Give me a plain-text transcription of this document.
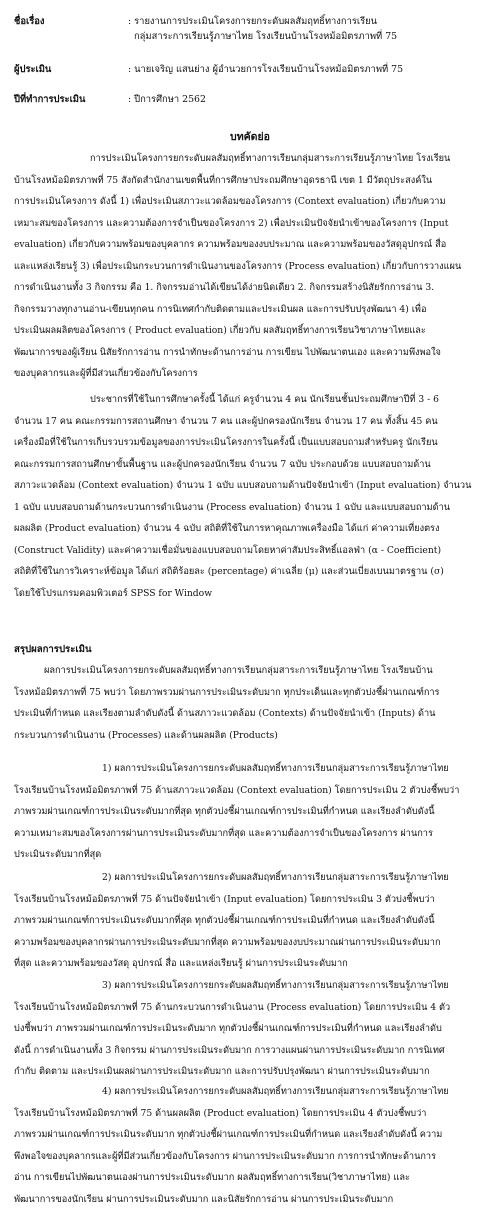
ชื่อเรื่อง	: รายงานการประเมินโครงการยกระดับผลสัมฤทธิ์ทางการเรียน
กลุ่มสาระการเรียนรู้ภาษาไทย โรงเรียนบ้านโรงหม้อมิตรภาพที่ 75
ผู้ประเมิน	: นายเจริญ แสนย่าง ผู้อำนวยการโรงเรียนบ้านโรงหม้อมิตรภาพที่ 75
ปีที่ทำการประเมิน	: ปีการศึกษา 2562
บทคัดย่อ
การประเมินโครงการยกระดับผลสัมฤทธิ์ทางการเรียนกลุ่มสาระการเรียนรู้ภาษาไทย โรงเรียน
บ้านโรงหม้อมิตรภาพที่ 75 สังกัดสำนักงานเขตพื้นที่การศึกษาประถมศึกษาอุดรธานี เขต 1 มีวัตถุประสงค์ใน
การประเมินโครงการ ดังนี้ 1) เพื่อประเมินสภาวะแวดล้อมของโครงการ (Context evaluation) เกี่ยวกับความ
เหมาะสมของโครงการ และความต้องการจำเป็นของโครงการ 2) เพื่อประเมินปัจจัยนำเข้าของโครงการ (Input
evaluation) เกี่ยวกับความพร้อมของบุคลากร ความพร้อมของงบประมาณ และความพร้อมของวัสดุอุปกรณ์ สื่อ
และแหล่งเรียนรู้ 3) เพื่อประเมินกระบวนการดำเนินงานของโครงการ (Process evaluation) เกี่ยวกับการวางแผน
การดำเนินงานทั้ง 3 กิจกรรม คือ 1. กิจกรรมอ่านได้เขียนได้ง่ายนิดเดียว 2. กิจกรรมสร้างนิสัยรักการอ่าน 3.
กิจกรรมวางทุกงานอ่าน-เขียนทุกคน การนิเทศกำกับติดตามและประเมินผล และการปรับปรุงพัฒนา 4) เพื่อ
ประเมินผลผลิตของโครงการ ( Product evaluation) เกี่ยวกับ ผลสัมฤทธิ์ทางการเรียนวิชาภาษาไทยและ
พัฒนาการของผู้เรียน นิสัยรักการอ่าน การนำทักษะด้านการอ่าน การเขียน ไปพัฒนาตนเอง และความพึงพอใจ
ของบุคลากรและผู้ที่มีส่วนเกี่ยวข้องกับโครงการ
ประชากรที่ใช้ในการศึกษาครั้งนี้ ได้แก่ ครูจำนวน 4 คน นักเรียนชั้นประถมศึกษาปีที่ 3 - 6
จำนวน 17 คน คณะกรรมการสถานศึกษา จำนวน 7 คน และผู้ปกครองนักเรียน จำนวน 17 คน ทั้งสิ้น 45 คน
เครื่องมือที่ใช้ในการเก็บรวบรวมข้อมูลของการประเมินโครงการในครั้งนี้ เป็นแบบสอบถามสำหรับครู นักเรียน
คณะกรรมการสถานศึกษาขั้นพื้นฐาน และผู้ปกครองนักเรียน จำนวน 7 ฉบับ ประกอบด้วย แบบสอบถามด้าน
สภาวะแวดล้อม (Context evaluation) จำนวน 1 ฉบับ แบบสอบถามด้านปัจจัยนำเข้า (Input evaluation) จำนวน
1 ฉบับ แบบสอบถามด้านกระบวนการดำเนินงาน (Process evaluation) จำนวน 1 ฉบับ และแบบสอบถามด้าน
ผลผลิต (Product evaluation) จำนวน 4 ฉบับ สถิติที่ใช้ในการหาคุณภาพเครื่องมือ ได้แก่ ค่าความเที่ยงตรง
(Construct Validity) และค่าความเชื่อมั่นของแบบสอบถามโดยหาค่าสัมประสิทธิ์แอลฟ่า (α - Coefficient)
สถิติที่ใช้ในการวิเคราะห์ข้อมูล ได้แก่ สถิติร้อยละ (percentage) ค่าเฉลี่ย (μ) และส่วนเบี่ยงเบนมาตรฐาน (σ)
โดยใช้โปรแกรมคอมพิวเตอร์ SPSS for Window
สรุปผลการประเมิน
ผลการประเมินโครงการยกระดับผลสัมฤทธิ์ทางการเรียนกลุ่มสาระการเรียนรู้ภาษาไทย โรงเรียนบ้าน
โรงหม้อมิตรภาพที่ 75 พบว่า โดยภาพรวมผ่านการประเมินระดับมาก ทุกประเด็นและทุกตัวบ่งชี้ผ่านเกณฑ์การ
ประเมินที่กำหนด และเรียงตามลำดับดังนี้ ด้านสภาวะแวดล้อม (Contexts) ด้านปัจจัยนำเข้า (Inputs) ด้าน
กระบวนการดำเนินงาน (Processes) และด้านผลผลิต (Products)
1) ผลการประเมินโครงการยกระดับผลสัมฤทธิ์ทางการเรียนกลุ่มสาระการเรียนรู้ภาษาไทย
โรงเรียนบ้านโรงหม้อมิตรภาพที่ 75 ด้านสภาวะแวดล้อม (Context evaluation) โดยการประเมิน 2 ตัวบ่งชี้พบว่า
ภาพรวมผ่านเกณฑ์การประเมินระดับมากที่สุด ทุกตัวบ่งชี้ผ่านเกณฑ์การประเมินที่กำหนด และเรียงลำดับดังนี้
ความเหมาะสมของโครงการผ่านการประเมินระดับมากที่สุด และความต้องการจำเป็นของโครงการ ผ่านการ
ประเมินระดับมากที่สุด
2) ผลการประเมินโครงการยกระดับผลสัมฤทธิ์ทางการเรียนกลุ่มสาระการเรียนรู้ภาษาไทย
โรงเรียนบ้านโรงหม้อมิตรภาพที่ 75 ด้านปัจจัยนำเข้า (Input evaluation) โดยการประเมิน 3 ตัวบ่งชี้พบว่า
ภาพรวมผ่านเกณฑ์การประเมินระดับมากที่สุด ทุกตัวบ่งชี้ผ่านเกณฑ์การประเมินที่กำหนด และเรียงลำดับดังนี้
ความพร้อมของบุคลากรผ่านการประเมินระดับมากที่สุด ความพร้อมของงบประมาณผ่านการประเมินระดับมาก
ที่สุด และความพร้อมของวัสดุ อุปกรณ์ สื่อ และแหล่งเรียนรู้ ผ่านการประเมินระดับมาก
3) ผลการประเมินโครงการยกระดับผลสัมฤทธิ์ทางการเรียนกลุ่มสาระการเรียนรู้ภาษาไทย
โรงเรียนบ้านโรงหม้อมิตรภาพที่ 75 ด้านกระบวนการดำเนินงาน (Process evaluation) โดยการประเมิน 4 ตัว
บ่งชี้พบว่า ภาพรวมผ่านเกณฑ์การประเมินระดับมาก ทุกตัวบ่งชี้ผ่านเกณฑ์การประเมินที่กำหนด และเรียงลำดับ
ดังนี้ การดำเนินงานทั้ง 3 กิจกรรม ผ่านการประเมินระดับมาก การวางแผนผ่านการประเมินระดับมาก การนิเทศ
กำกับ ติดตาม และประเมินผลผ่านการประเมินระดับมาก และการปรับปรุงพัฒนา ผ่านการประเมินระดับมาก
4) ผลการประเมินโครงการยกระดับผลสัมฤทธิ์ทางการเรียนกลุ่มสาระการเรียนรู้ภาษาไทย
โรงเรียนบ้านโรงหม้อมิตรภาพที่ 75 ด้านผลผลิต (Product evaluation) โดยการประเมิน 4 ตัวบ่งชี้พบว่า
ภาพรวมผ่านเกณฑ์การประเมินระดับมาก ทุกตัวบ่งชี้ผ่านเกณฑ์การประเมินที่กำหนด และเรียงลำดับดังนี้ ความ
พึงพอใจของบุคลากรและผู้ที่มีส่วนเกี่ยวข้องกับโครงการ ผ่านการประเมินระดับมาก การการนำทักษะด้านการ
อ่าน การเขียนไปพัฒนาตนเองผ่านการประเมินระดับมาก ผลสัมฤทธิ์ทางการเรียน(วิชาภาษาไทย) และ
พัฒนาการของนักเรียน ผ่านการประเมินระดับมาก และนิสัยรักการอ่าน ผ่านการประเมินระดับมาก
